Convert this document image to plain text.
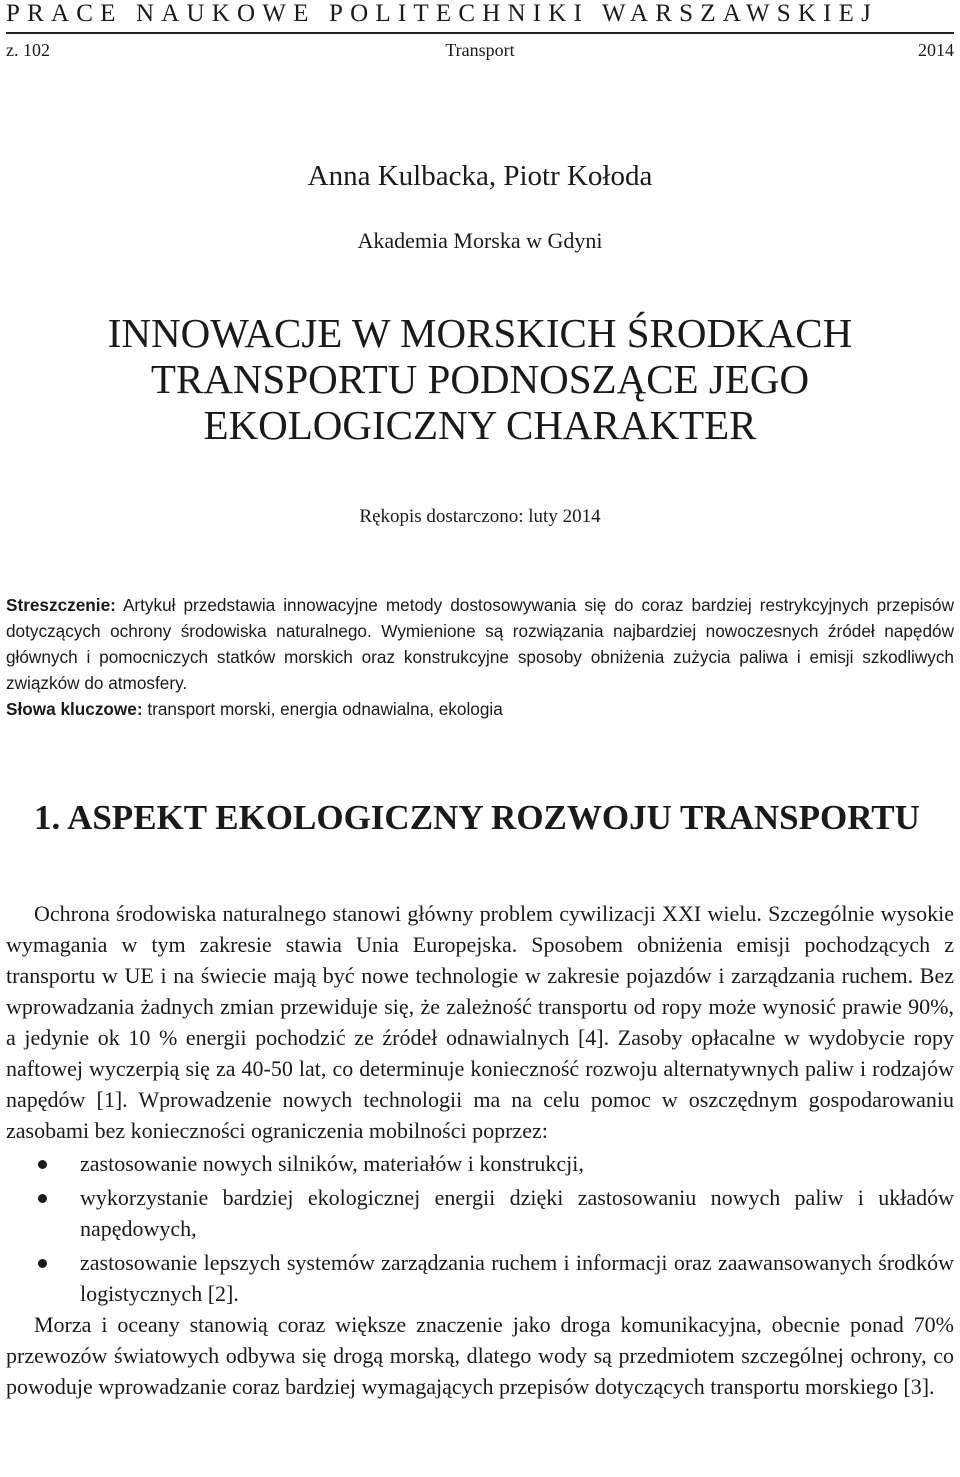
PRACE NAUKOWE POLITECHNIKI WARSZAWSKIEJ
z. 102	Transport	2014
Anna Kulbacka, Piotr Kołoda
Akademia Morska w Gdyni
INNOWACJE W MORSKICH ŚRODKACH
TRANSPORTU PODNOSZĄCE JEGO
EKOLOGICZNY CHARAKTER
Rękopis dostarczono: luty 2014

Streszczenie: Artykuł przedstawia innowacyjne metody dostosowywania się do coraz bardziej restrykcyjnych przepisów dotyczących ochrony środowiska naturalnego. Wymienione są rozwiązania najbardziej nowoczesnych źródeł napędów głównych i pomocniczych statków morskich oraz konstrukcyjne sposoby obniżenia zużycia paliwa i emisji szkodliwych związków do atmosfery.

Słowa kluczowe: transport morski, energia odnawialna, ekologia

1. ASPEKT EKOLOGICZNY ROZWOJU TRANSPORTU

Ochrona środowiska naturalnego stanowi główny problem cywilizacji XXI wielu. Szczególnie wysokie wymagania w tym zakresie stawia Unia Europejska. Sposobem obniżenia emisji pochodzących z transportu w UE i na świecie mają być nowe technologie w zakresie pojazdów i zarządzania ruchem. Bez wprowadzania żadnych zmian przewiduje się, że zależność transportu od ropy może wynosić prawie 90%, a jedynie ok 10 % energii pochodzić ze źródeł odnawialnych [4]. Zasoby opłacalne w wydobycie ropy naftowej wyczerpią się za 40-50 lat, co determinuje konieczność rozwoju alternatywnych paliw i rodzajów napędów [1]. Wprowadzenie nowych technologii ma na celu pomoc w oszczędnym gospodarowaniu zasobami bez konieczności ograniczenia mobilności poprzez:

zastosowanie nowych silników, materiałów i konstrukcji,
wykorzystanie bardziej ekologicznej energii dzięki zastosowaniu nowych paliw i układów napędowych,
zastosowanie lepszych systemów zarządzania ruchem i informacji oraz zaawansowanych środków logistycznych [2].

Morza i oceany stanowią coraz większe znaczenie jako droga komunikacyjna, obecnie ponad 70% przewozów światowych odbywa się drogą morską, dlatego wody są przedmiotem szczególnej ochrony, co powoduje wprowadzanie coraz bardziej wymagających przepisów dotyczących transportu morskiego [3].
